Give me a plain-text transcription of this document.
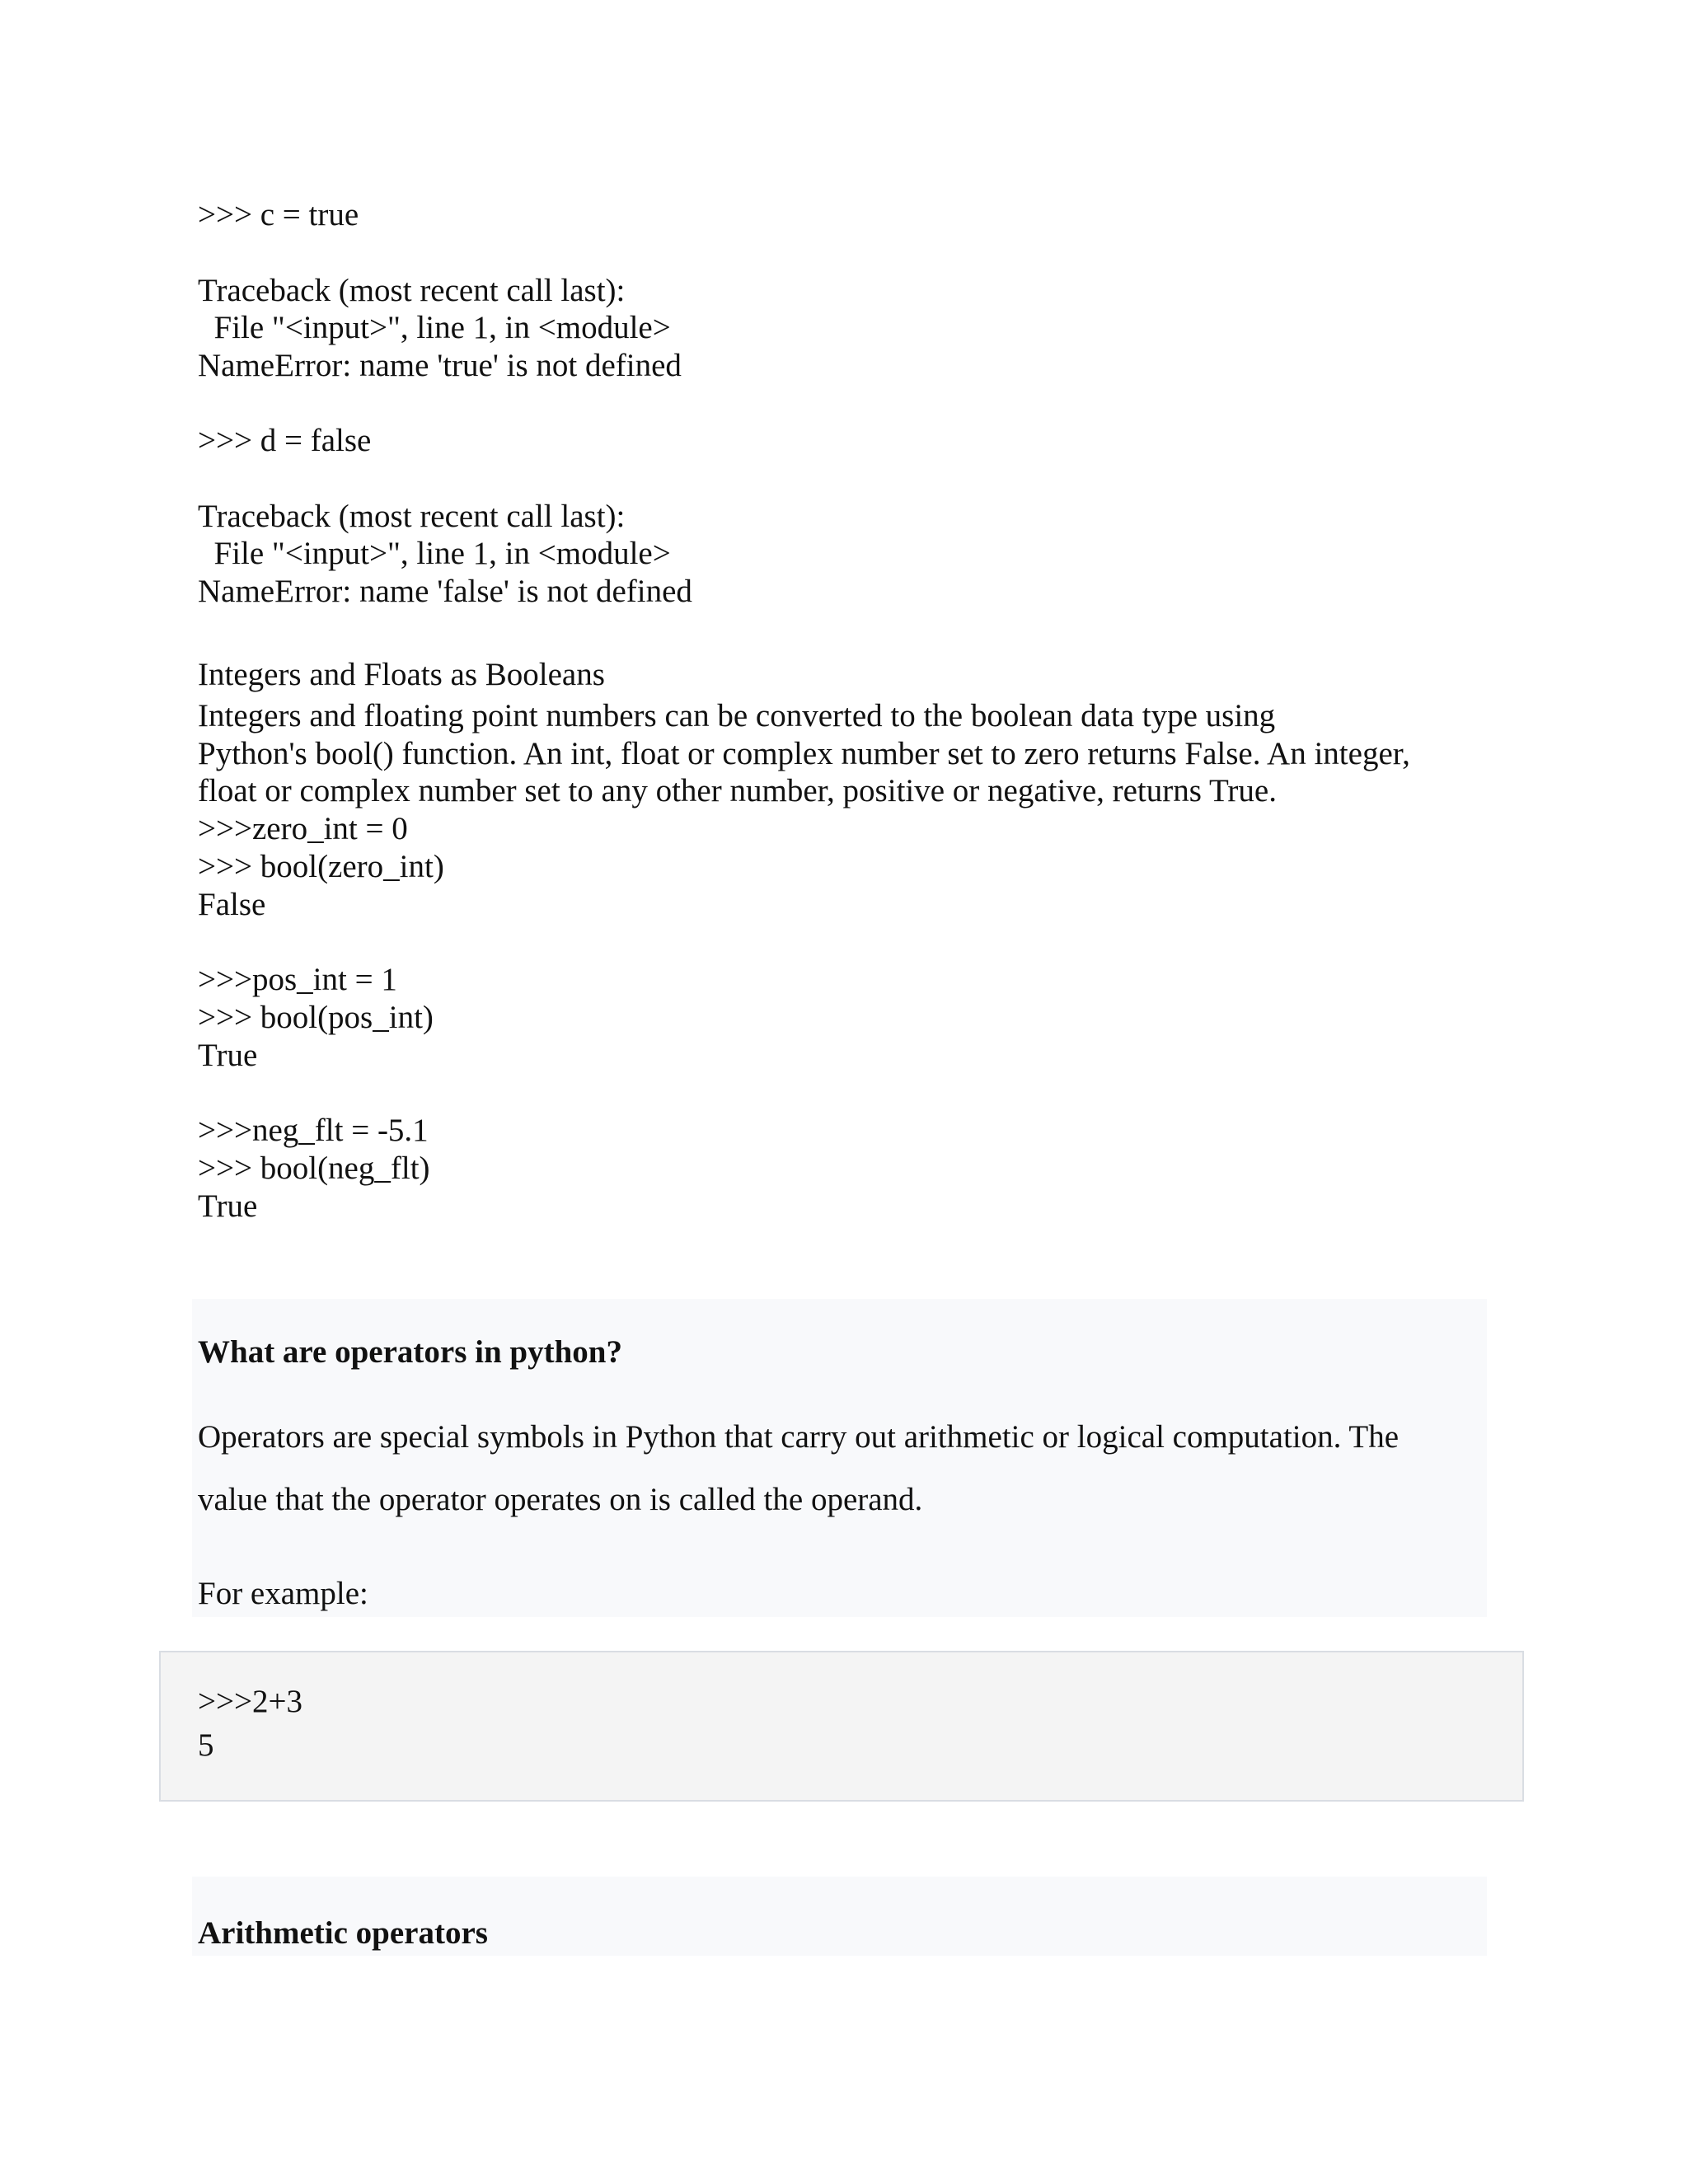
>>> c = true

Traceback (most recent call last):

File "<input>", line 1, in <module>

NameError: name 'true' is not defined

>>> d = false

Traceback (most recent call last):

File "<input>", line 1, in <module>

NameError: name 'false' is not defined

Integers and Floats as Booleans

Integers and floating point numbers can be converted to the boolean data type using

Python's bool() function. An int, float or complex number set to zero returns False. An integer,

float or complex number set to any other number, positive or negative, returns True.

>>>zero_int = 0

>>> bool(zero_int)

False

>>>pos_int = 1

>>> bool(pos_int)

True

>>>neg_flt = -5.1

>>> bool(neg_flt)

True

What are operators in python?

Operators are special symbols in Python that carry out arithmetic or logical computation. The

value that the operator operates on is called the operand.

For example:

>>>2+3

5

Arithmetic operators
